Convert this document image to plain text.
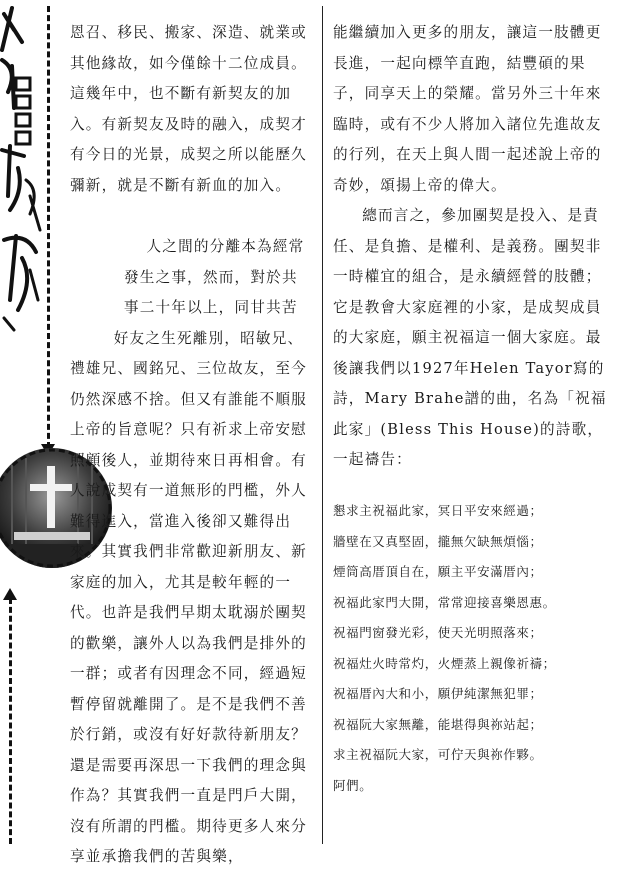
恩召、移民、搬家、深造、就業或其他緣故，如今僅餘十二位成員。這幾年中，也不斷有新契友的加入。有新契友及時的融入，成契才有今日的光景，成契之所以能歷久彌新，就是不斷有新血的加入。

人之間的分離本為經常發生之事，然而，對於共事二十年以上，同甘共苦好友之生死離別，昭敏兄、禮雄兄、國銘兄、三位故友，至今仍然深感不捨。但又有誰能不順服上帝的旨意呢？只有祈求上帝安慰照顧後人，並期待來日再相會。有人說成契有一道無形的門檻，外人難得進入，當進入後卻又難得出來。其實我們非常歡迎新朋友、新家庭的加入，尤其是較年輕的一代。也許是我們早期太耽溺於團契的歡樂，讓外人以為我們是排外的一群；或者有因理念不同，經過短暫停留就離開了。是不是我們不善於行銷，或沒有好好款待新朋友？還是需要再深思一下我們的理念與作為？其實我們一直是門戶大開，沒有所謂的門檻。期待更多人來分享並承擔我們的苦與樂，

能繼續加入更多的朋友，讓這一肢體更長進，一起向標竿直跑，結豐碩的果子，同享天上的榮耀。當另外三十年來臨時，或有不少人將加入諸位先進故友的行列，在天上與人間一起述說上帝的奇妙，頌揚上帝的偉大。

總而言之，參加團契是投入、是責任、是負擔、是權利、是義務。團契非一時權宜的組合，是永續經營的肢體；它是教會大家庭裡的小家，是成契成員的大家庭，願主祝福這一個大家庭。最後讓我們以1927年Helen Tayor寫的詩，Mary Brahe譜的曲，名為「祝福此家」(Bless This House)的詩歌，一起禱告：

懇求主祝福此家，冥日平安來經過；
牆壁在又真堅固，攏無欠缺無煩惱；
煙筒高厝頂自在，願主平安滿厝內；
祝福此家門大開，常常迎接喜樂恩惠。
祝福門窗發光彩，使天光明照落來；
祝福灶火時常灼，火煙蒸上親像祈禱；
祝福厝內大和小，願伊純潔無犯罪；
祝福阮大家無離，能堪得與祢站起；
求主祝福阮大家，可佇天與祢作夥。
阿們。
